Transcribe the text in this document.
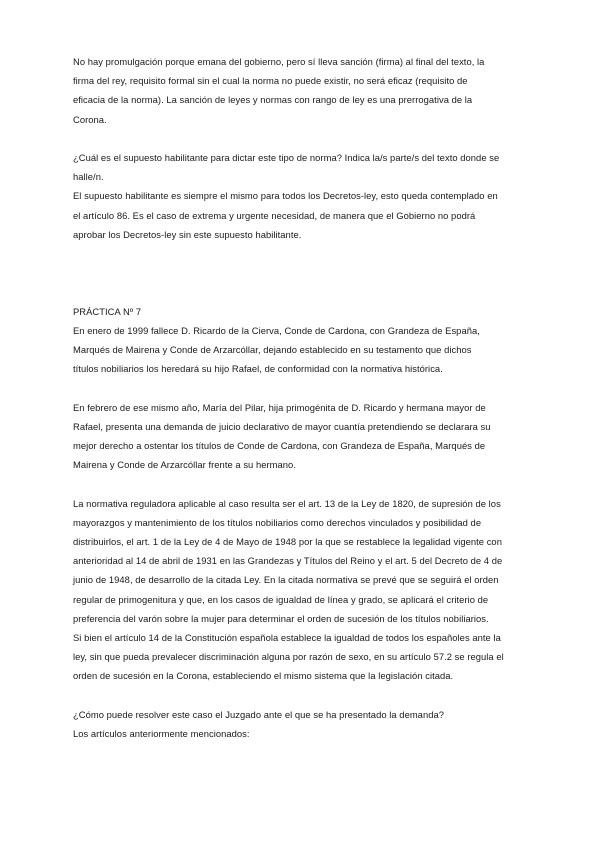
No hay promulgación porque emana del gobierno, pero sí lleva sanción (firma) al final del texto, la
firma del rey, requisito formal sin el cual la norma no puede existir, no será eficaz (requisito de
eficacia de la norma). La sanción de leyes y normas con rango de ley es una prerrogativa de la
Corona.
¿Cuál es el supuesto habilitante para dictar este tipo de norma? Indica la/s parte/s del texto donde se
halle/n.
El supuesto habilitante es siempre el mismo para todos los Decretos-ley, esto queda contemplado en
el artículo 86. Es el caso de extrema y urgente necesidad, de manera que el Gobierno no podrá
aprobar los Decretos-ley sin este supuesto habilitante.
PRÁCTICA Nº 7
En enero de 1999 fallece D. Ricardo de la Cierva, Conde de Cardona, con Grandeza de España,
Marqués de Mairena y Conde de Arzarcóllar, dejando establecido en su testamento que dichos
títulos nobiliarios los heredará su hijo Rafael, de conformidad con la normativa histórica.
En febrero de ese mismo año, María del Pilar, hija primogénita de D. Ricardo y hermana mayor de
Rafael, presenta una demanda de juicio declarativo de mayor cuantía pretendiendo se declarara su
mejor derecho a ostentar los títulos de Conde de Cardona, con Grandeza de España, Marqués de
Mairena y Conde de Arzarcóllar frente a su hermano.
La normativa reguladora aplicable al caso resulta ser el art. 13 de la Ley de 1820, de supresión de los
mayorazgos y mantenimiento de los títulos nobiliarios como derechos vinculados y posibilidad de
distribuirlos, el art. 1 de la Ley de 4 de Mayo de 1948 por la que se restablece la legalidad vigente con
anterioridad al 14 de abril de 1931 en las Grandezas y Títulos del Reino y el art. 5 del Decreto de 4 de
junio de 1948, de desarrollo de la citada Ley. En la citada normativa se prevé que se seguirá el orden
regular de primogenitura y que, en los casos de igualdad de línea y grado, se aplicará el criterio de
preferencia del varón sobre la mujer para determinar el orden de sucesión de los títulos nobiliarios.
Si bien el artículo 14 de la Constitución española establece la igualdad de todos los españoles ante la
ley, sin que pueda prevalecer discriminación alguna por razón de sexo, en su artículo 57.2 se regula el
orden de sucesión en la Corona, estableciendo el mismo sistema que la legislación citada.
¿Cómo puede resolver este caso el Juzgado ante el que se ha presentado la demanda?
Los artículos anteriormente mencionados:
